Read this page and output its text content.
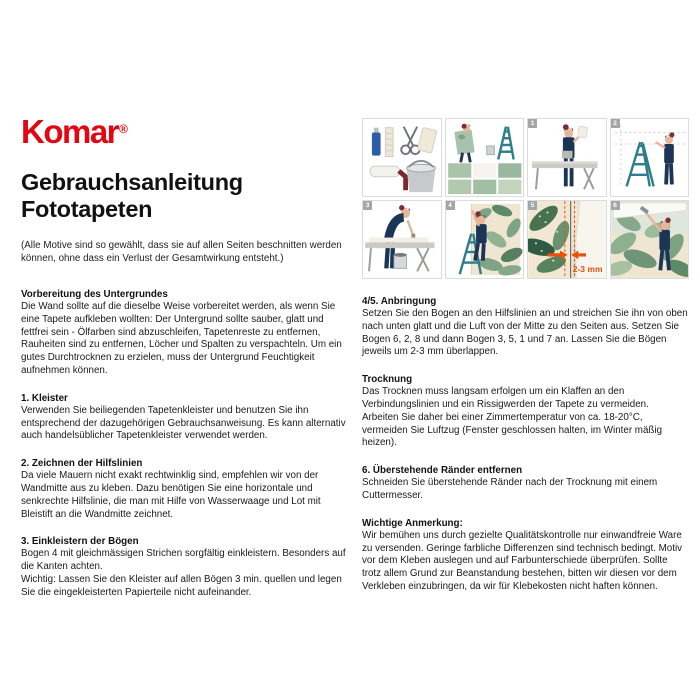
Komar®
Gebrauchsanleitung
Fototapeten
(Alle Motive sind so gewählt, dass sie auf allen Seiten beschnitten werden können, ohne dass ein Verlust der Gesamtwirkung entsteht.)
1	2
3	4
2-3 mm
5	6
Vorbereitung des Untergrundes

Die Wand sollte auf die dieselbe Weise vorbereitet werden, als wenn Sie eine Tapete aufkleben wollten: Der Untergrund sollte sauber, glatt und fettfrei sein - Ölfarben sind abzuschleifen, Tapetenreste zu entfernen, Rauheiten sind zu entfernen, Löcher und Spalten zu verspachteln. Um ein gutes Durchtrocknen zu erzielen, muss der Untergrund Feuchtigkeit aufnehmen können.

1. Kleister

Verwenden Sie beiliegenden Tapetenkleister und benutzen Sie ihn entsprechend der dazugehörigen Gebrauchsanweisung. Es kann alternativ auch handelsüblicher Tapetenkleister verwendet werden.

2. Zeichnen der Hilfslinien

Da viele Mauern nicht exakt rechtwinklig sind, empfehlen wir von der Wandmitte aus zu kleben. Dazu benötigen Sie eine horizontale und senkrechte Hilfslinie, die man mit Hilfe von Wasserwaage und Lot mit Bleistift an die Wandmitte zeichnet.

3. Einkleistern der Bögen

Bogen 4 mit gleichmässigen Strichen sorgfältig einkleistern. Besonders auf die Kanten achten.

Wichtig: Lassen Sie den Kleister auf allen Bögen 3 min. quellen und legen Sie die eingekleisterten Papierteile nicht aufeinander.

4/5. Anbringung

Setzen Sie den Bogen an den Hilfslinien an und streichen Sie ihn von oben nach unten glatt und die Luft von der Mitte zu den Seiten aus. Setzen Sie Bogen 6, 2, 8 und dann Bogen 3, 5, 1 und 7 an. Lassen Sie die Bögen jeweils um 2-3 mm überlappen.

Trocknung

Das Trocknen muss langsam erfolgen um ein Klaffen an den Verbindungslinien und ein Rissigwerden der Tapete zu vermeiden.

Arbeiten Sie daher bei einer Zimmertemperatur von ca. 18-20°C, vermeiden Sie Luftzug (Fenster geschlossen halten, im Winter mäßig heizen).

6. Überstehende Ränder entfernen

Schneiden Sie überstehende Ränder nach der Trocknung mit einem Cuttermesser.

Wichtige Anmerkung:

Wir bemühen uns durch gezielte Qualitätskontrolle nur einwandfreie Ware zu versenden. Geringe farbliche Differenzen sind technisch bedingt. Motiv vor dem Kleben auslegen und auf Farbunterschiede überprüfen. Sollte trotz allem Grund zur Beanstandung bestehen, bitten wir diesen vor dem Verkleben einzubringen, da wir für Klebekosten nicht haften können.
